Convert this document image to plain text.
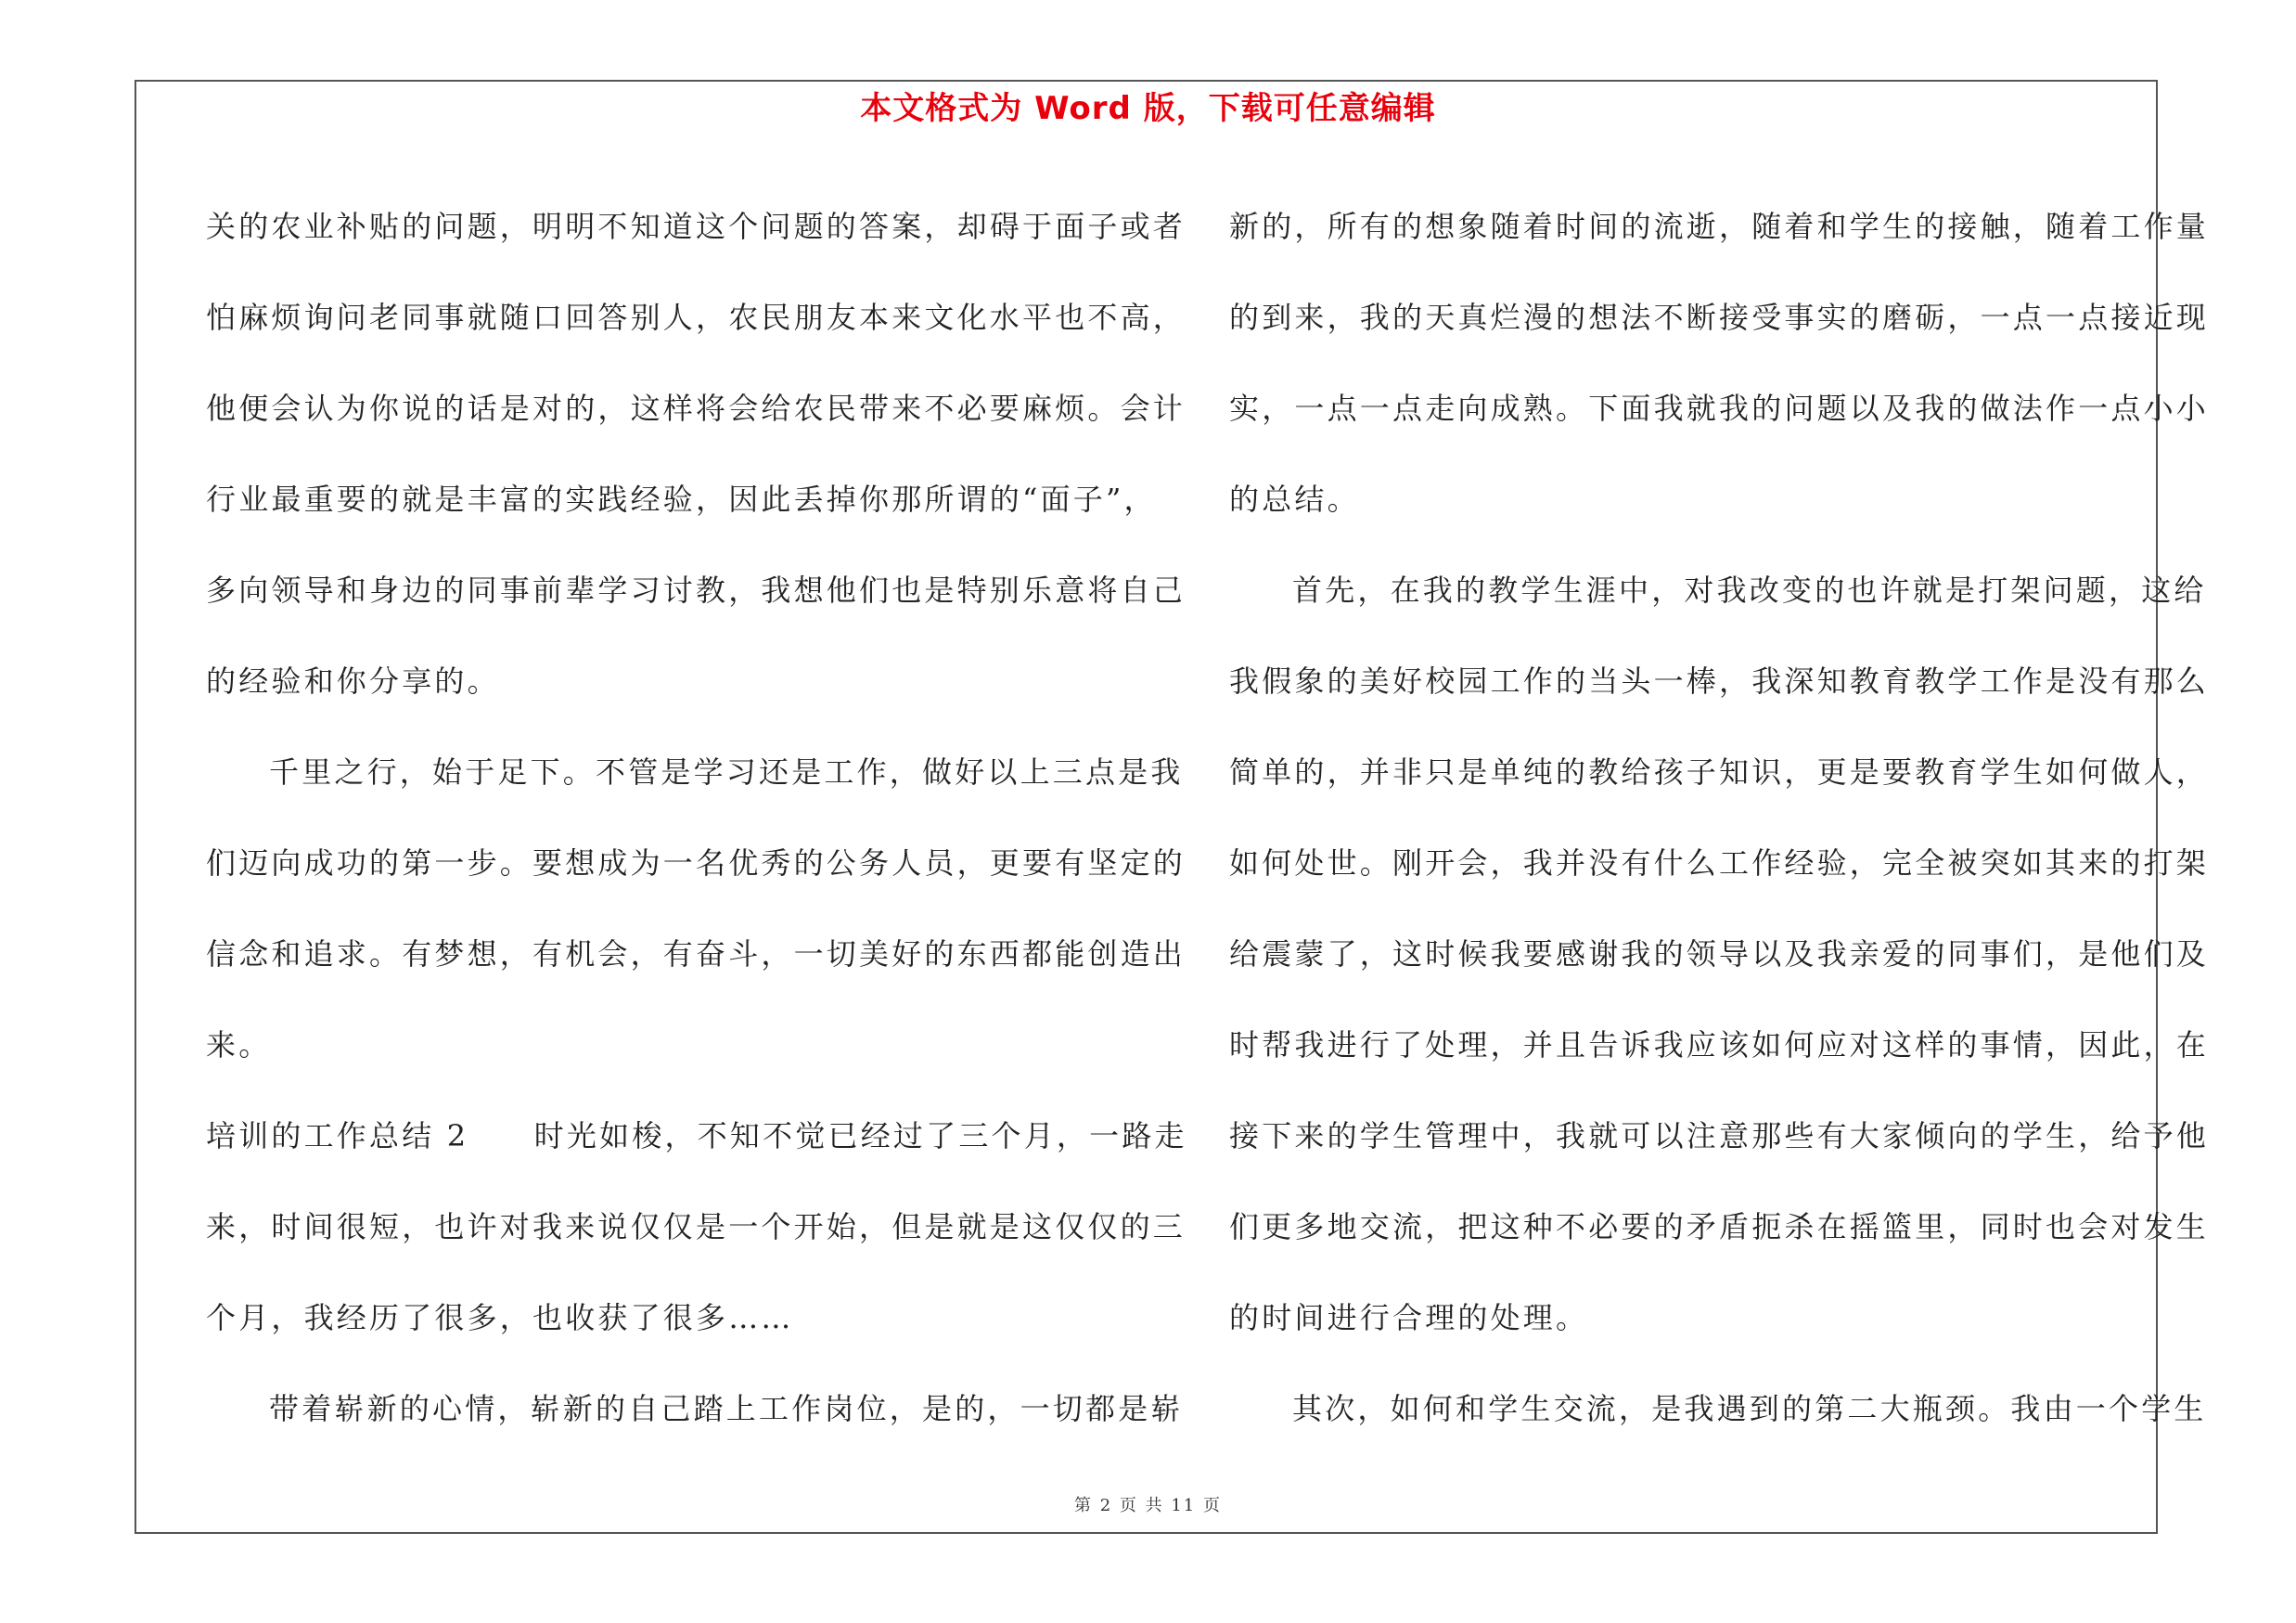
本文格式为 Word 版，下载可任意编辑
关的农业补贴的问题，明明不知道这个问题的答案，却碍于面子或者
怕麻烦询问老同事就随口回答别人，农民朋友本来文化水平也不高，
他便会认为你说的话是对的，这样将会给农民带来不必要麻烦。会计
行业最重要的就是丰富的实践经验，因此丢掉你那所谓的“面子”，
多向领导和身边的同事前辈学习讨教，我想他们也是特别乐意将自己
的经验和你分享的。
千里之行，始于足下。不管是学习还是工作，做好以上三点是我
们迈向成功的第一步。要想成为一名优秀的公务人员，更要有坚定的
信念和追求。有梦想，有机会，有奋斗，一切美好的东西都能创造出
来。
培训的工作总结 2　　时光如梭，不知不觉已经过了三个月，一路走
来，时间很短，也许对我来说仅仅是一个开始，但是就是这仅仅的三
个月，我经历了很多，也收获了很多……
带着崭新的心情，崭新的自己踏上工作岗位，是的，一切都是崭
新的，所有的想象随着时间的流逝，随着和学生的接触，随着工作量
的到来，我的天真烂漫的想法不断接受事实的磨砺，一点一点接近现
实，一点一点走向成熟。下面我就我的问题以及我的做法作一点小小
的总结。
首先，在我的教学生涯中，对我改变的也许就是打架问题，这给
我假象的美好校园工作的当头一棒，我深知教育教学工作是没有那么
简单的，并非只是单纯的教给孩子知识，更是要教育学生如何做人，
如何处世。刚开会，我并没有什么工作经验，完全被突如其来的打架
给震蒙了，这时候我要感谢我的领导以及我亲爱的同事们，是他们及
时帮我进行了处理，并且告诉我应该如何应对这样的事情，因此，在
接下来的学生管理中，我就可以注意那些有大家倾向的学生，给予他
们更多地交流，把这种不必要的矛盾扼杀在摇篮里，同时也会对发生
的时间进行合理的处理。
其次，如何和学生交流，是我遇到的第二大瓶颈。我由一个学生
第 2 页 共 11 页
